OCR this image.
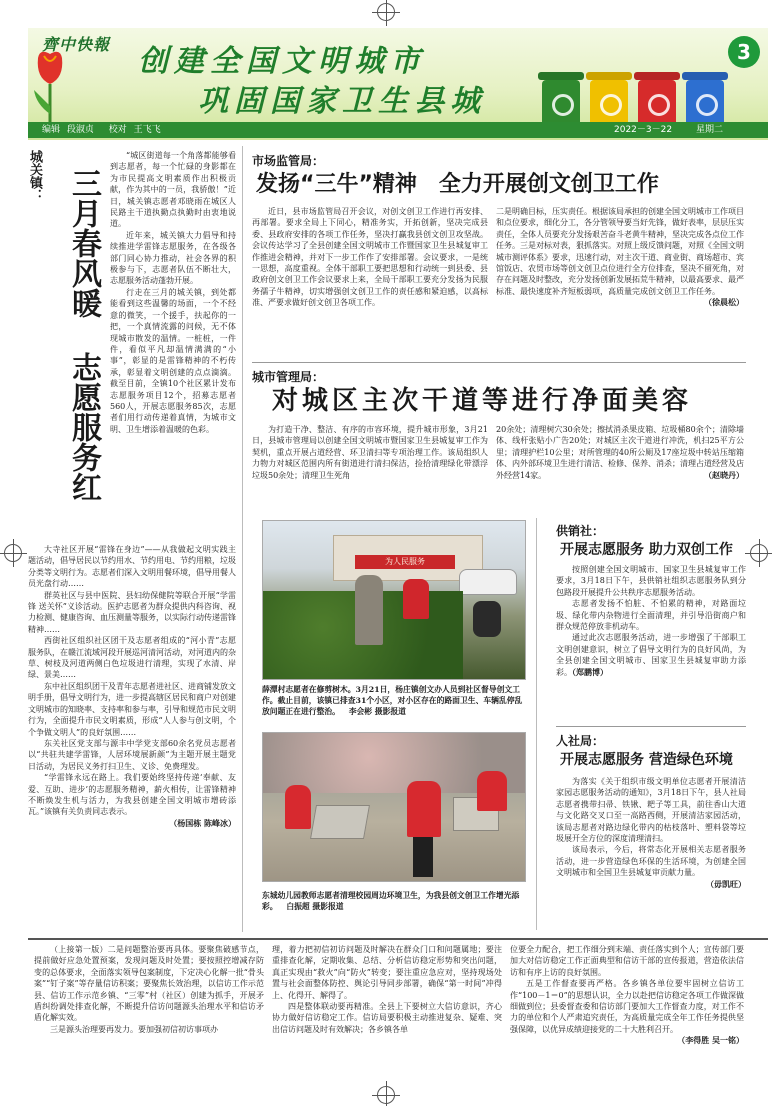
齊中快報 创建全国文明城市
巩固国家卫生县城
3
编辑 段淑贞 校对 王飞飞	2022－3－22	星期二
城关镇： 三月春风暖
志愿服务红

“城区街道每一个角落都能够看到志愿者，每一个忙碌的身影都在为市民提高文明素质作出积极贡献，作为其中的一员，我骄傲！”近日，城关镇志愿者邓晓雨在城区人民路主干道执勤点执勤时由衷地说道。

近年来，城关镇大力倡导和持续推进学雷锋志愿服务，在各级各部门同心协力推动，社会各界的积极参与下，志愿者队伍不断壮大，志愿服务活动蓬勃开展。

行走在三月的城关镇，到处都能看到这些温馨的场面，一个不经意的微笑，一个援手，扶起你的一把，一个真情流露的问候，无不体现城市散发的温情。一桩桩，一件件，看似平凡却温情满满的“小事”，彰显的是雷锋精神的不朽传承，彰显着文明创建的点点滴滴。截至目前，全镇10个社区累计发布志愿服务项目12个，招募志愿者560人，开展志愿服务85次，志愿者们用行动传递着真情，为城市文明、卫生增添着温暖的色彩。

大寺社区开展“雷锋在身边”——从我做起文明实践主题活动，倡导居民以节约用水、节约用电、节约用粮，垃圾分类等文明行为。志愿者们深入文明用餐环境，倡导用餐人员光盘行动……

群英社区与县中医院、县妇幼保健院等联合开展“学雷锋 送关怀”义诊活动。医护志愿者为群众提供内科咨询、视力检测、健康咨询、血压测量等服务，以实际行动传递雷锋精神……

西街社区组织社区团干及志愿者组成的“河小青”志愿服务队，在赣江流域河段开展巡河清河活动，对河道内的杂草、树枝及河道两侧白色垃圾进行清理，实现了水清、岸绿、景美……

东中社区组织团干及青年志愿者进社区、进商铺发放文明手册，倡导文明行为，进一步提高辖区居民和商户对创建文明城市的知晓率、支持率和参与率，引导和规范市民文明行为，全面提升市民文明素质，形成“人人参与创文明，个个争做文明人”的良好氛围……

东关社区党支部与源丰中学党支部60余名党员志愿者以“共驻共建学雷锋，人居环境展新颜”为主题开展主题党日活动，为居民义务打扫卫生、义诊、免费理发。

“学雷锋永远在路上。我们要始终坚持传递‘奉献、友爱、互助、进步’的志愿服务精神，薪火相传，让雷锋精神不断焕发生机与活力，为我县创建全国文明城市增砖添瓦。”该镇有关负责同志表示。

（杨国栋 陈峰冰）

市场监管局：
发扬“三牛”精神　全力开展创文创卫工作
近日，县市场监管局召开会议，对创文创卫工作进行再安排、再部署。要求全局上下同心，精准务实，开拓创新，坚决完成县委、县政府安排的各项工作任务，坚决打赢我县创文创卫攻坚战。会议传达学习了全县创建全国文明城市工作暨国家卫生县城复审工作推进会精神，并对下一步工作作了安排部署。会议要求，一是统一思想，高度重视。全体干部职工要把思想和行动统一到县委、县政府创文创卫工作会议要求上来，全局干部职工要充分发扬为民服务孺子牛精神，切实增强创文创卫工作的责任感和紧迫感，以高标准、严要求做好创文创卫各项工作。
二是明确目标，压实责任。根据该局承担的创建全国文明城市工作项目和点位要求，细化分工，各分管领导要当好先锋，做好表率，层层压实责任，全体人员要充分发扬艰苦奋斗老黄牛精神，坚决完成各点位工作任务。三是对标对表，狠抓落实。对照上级反馈问题，对照《全国文明城市测评体系》要求，迅速行动，对主次干道、商业街、商场超市、宾馆饭店、农贸市场等创文创卫点位进行全方位排查，坚决不留死角，对存在问题及时整改，充分发扬创新发展拓荒牛精神，以最高要求、最严标准、最快速度补齐短板弱项，高质量完成创文创卫工作任务。
（徐晨松）
城市管理局：
对城区主次干道等进行净面美容
为打造干净、整洁、有序的市容环境，提升城市形象，3月21日，县城市管理局以创建全国文明城市暨国家卫生县城复审工作为契机，重点开展占道经营、环卫清扫等专项治理工作。该局组织人力物力对城区范围内所有街道进行清扫保洁，捡拾清理绿化带漂浮垃圾50余处；清理卫生死角
20余处；清理树穴30余处；擦拭消杀果皮箱、垃圾桶80余个；清除墙体、线杆张贴小广告20处；对城区主次干道进行冲洗，机扫25平方公里；清理护栏10公里；对所管理的40所公厕及17座垃圾中转站压缩箱体、内外部环境卫生进行清洁、检修、保养、消杀；清理占道经营及店外经营14家。	（赵晓丹）
为人民服务
薛潭村志愿者在修剪树木。3月21日，杨庄镇创文办人员到社区督导创文工作。截止目前，该镇已排查31个小区，对小区存在的路面卫生、车辆乱停乱放问题正在进行整治。 李会彬 摄影报道
东城幼儿园教师志愿者清理校园周边环境卫生，为我县创文创卫工作增光添彩。 白振超 摄影报道
供销社：
开展志愿服务 助力双创工作

按照创建全国文明城市、国家卫生县城复审工作要求，3月18日下午，县供销社组织志愿服务队到分包路段开展提升公共秩序志愿服务活动。

志愿者发扬不怕脏、不怕累的精神，对路面垃圾、绿化带内杂物进行全面清理，并引导沿街商户和群众规范停放非机动车。

通过此次志愿服务活动，进一步增强了干部职工文明创建意识，树立了倡导文明行为的良好风尚，为全县创建全国文明城市、国家卫生县城复审助力添彩。（郑鹏博）

人社局：
开展志愿服务 营造绿色环境

为落实《关于组织市级文明单位志愿者开展清洁家园志愿服务活动的通知》，3月18日下午，县人社局志愿者携带扫帚、铁锹、耙子等工具，前往香山大道与文化路交叉口至一高路西侧，开展清洁家园活动，该局志愿者对路边绿化带内的枯枝落叶、塑料袋等垃圾展开全方位的深度清理清扫。

该局表示，今后，将常态化开展相关志愿者服务活动，进一步营造绿色环保的生活环境，为创建全国文明城市和全国卫生县城复审贡献力量。
（毋凯旺）

（上接第一版）二是问题整治要再具体。要聚焦破感节点，提前做好应急处置预案，发现问题及时处置；要按照控增减存防变的总体要求，全面落实领导包案制度，下定决心化解一批“骨头案”“钉子案”等存量信访积案；要聚焦长效治理，以信访工作示范县、信访工作示范乡镇、“三零”村（社区）创建为抓手，开展矛盾纠纷调处排查化解，不断提升信访问题源头治理水平和信访矛盾化解实效。

三是源头治理要再发力。要加强初信初访事项办

理，着力把初信初访问题及时解决在群众门口和问题属地；要注重排查化解，定期收集、总结、分析信访稳定形势和突出问题，真正实现由“救火”向“防火”转变；要注重应急应对，坚持现场处置与社会面整体防控、舆论引导同步部署，确保“第一时间”冲得上、化得开、解得了。

四是整体联动要再精准。全县上下要树立大信访意识，齐心协力做好信访稳定工作。信访局要积极主动推进复杂、疑难、突出信访问题及时有效解决；各乡镇各单

位要全力配合，把工作细分到末端、责任落实到个人；宣传部门要加大对信访稳定工作正面典型和信访干部的宣传报道，营造依法信访和有序上访的良好氛围。

五是工作督查要再严格。各乡镇各单位要牢固树立信访工作“100－1＝0”的思想认识，全力以赴把信访稳定各项工作做深做细做到位；县委督查委和信访部门要加大工作督查力度，对工作不力的单位和个人严肃追究责任，为高质量完成全年工作任务提供坚强保障，以优异成绩迎接党的二十大胜利召开。
（李得胜 吴一铭）
